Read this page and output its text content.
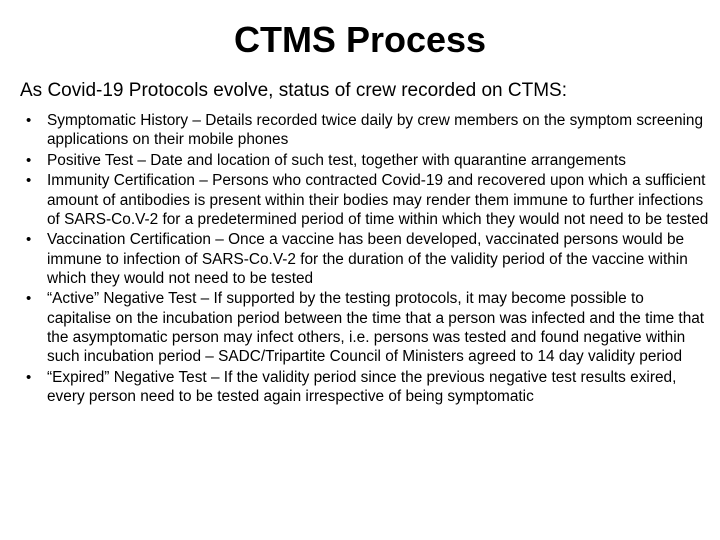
CTMS Process
As Covid-19 Protocols evolve, status of crew recorded on CTMS:
•	Symptomatic History – Details recorded twice daily by crew members on the symptom screening applications on their mobile phones
•	Positive Test – Date and location of such test, together with quarantine arrangements
•	Immunity Certification – Persons who contracted Covid-19 and recovered upon which a sufficient amount of antibodies is present within their bodies may render them immune to further infections of SARS-Co.V-2 for a predetermined period of time within which they would not need to be tested
•	Vaccination Certification – Once a vaccine has been developed, vaccinated persons would be immune to infection of SARS-Co.V-2 for the duration of the validity period of the vaccine within which they would not need to be tested
•	“Active” Negative Test – If supported by the testing protocols, it may become possible to capitalise on the incubation period between the time that a person was infected and the time that the asymptomatic person may infect others, i.e. persons was tested and found negative within such incubation period – SADC/Tripartite Council of Ministers agreed to 14 day validity period
•	“Expired” Negative Test – If the validity period since the previous negative test results exired, every person need to be tested again irrespective of being symptomatic
